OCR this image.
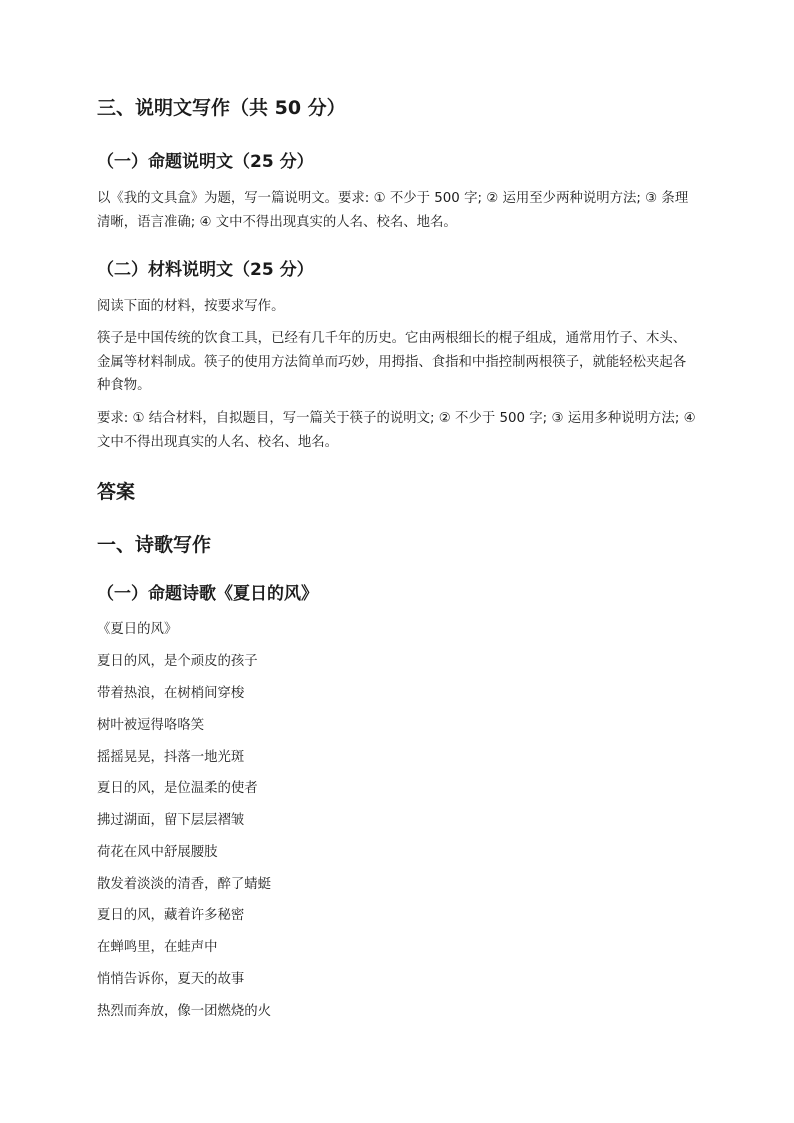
三、说明文写作（共 50 分）
（一）命题说明文（25 分）
以《我的文具盒》为题，写一篇说明文。要求: ① 不少于 500 字; ② 运用至少两种说明方法; ③ 条理清晰，语言准确; ④ 文中不得出现真实的人名、校名、地名。
（二）材料说明文（25 分）
阅读下面的材料，按要求写作。
筷子是中国传统的饮食工具，已经有几千年的历史。它由两根细长的棍子组成，通常用竹子、木头、金属等材料制成。筷子的使用方法简单而巧妙，用拇指、食指和中指控制两根筷子，就能轻松夹起各种食物。
要求: ① 结合材料，自拟题目，写一篇关于筷子的说明文; ② 不少于 500 字; ③ 运用多种说明方法; ④ 文中不得出现真实的人名、校名、地名。
答案
一、诗歌写作
（一）命题诗歌《夏日的风》
《夏日的风》
夏日的风，是个顽皮的孩子
带着热浪，在树梢间穿梭
树叶被逗得咯咯笑
摇摇晃晃，抖落一地光斑
夏日的风，是位温柔的使者
拂过湖面，留下层层褶皱
荷花在风中舒展腰肢
散发着淡淡的清香，醉了蜻蜓
夏日的风，藏着许多秘密
在蝉鸣里，在蛙声中
悄悄告诉你，夏天的故事
热烈而奔放，像一团燃烧的火
